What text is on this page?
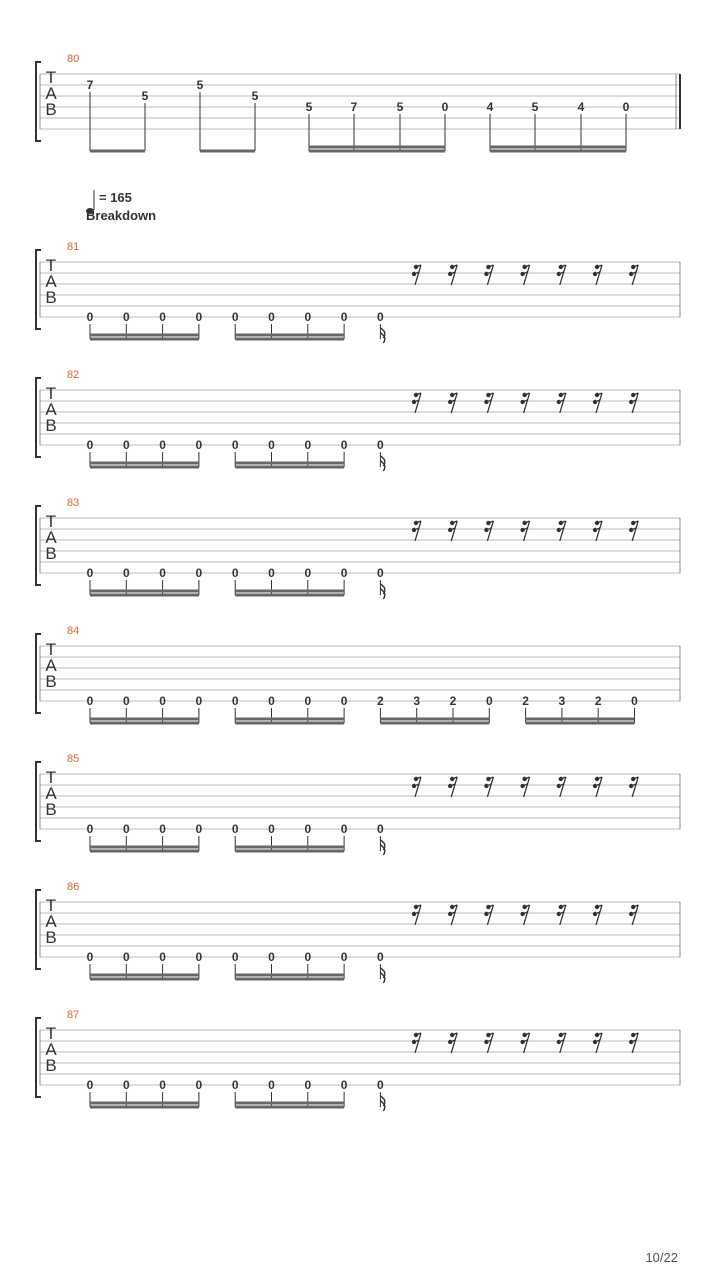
= 165
Breakdown
80
T
A
B
7
5
5
5
5	7	5	0	4	5	4	0
81
T
A
B
0 0 0 0 0 0 0 0 0
82
T
A
B
0 0 0 0 0 0 0 0 0
83
T
A
B
0 0 0 0 0 0 0 0 0
84
T
A
B
0 0 0 0 0 0 0 0 2 3 2 0 2 3 2 0
85
T
A
B
0 0 0 0 0 0 0 0 0
86
T
A
B
0 0 0 0 0 0 0 0 0
87
T
A
B
0 0 0 0 0 0 0 0 0
10/22
